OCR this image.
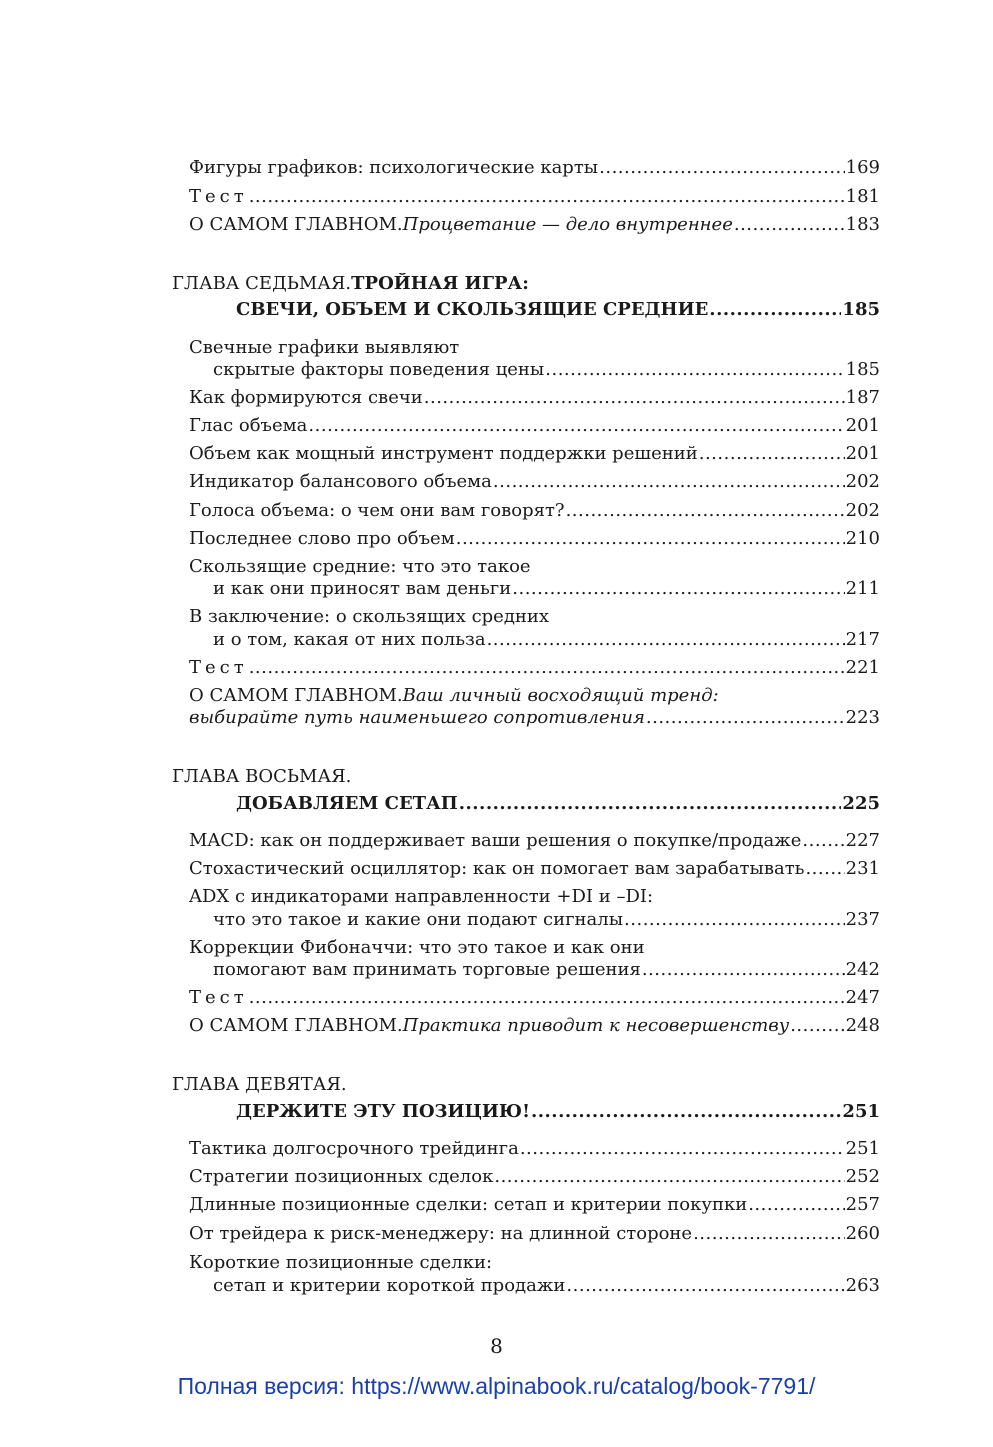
Фигуры графиков: психологические карты .....	169
Тест .....	181
О САМОМ ГЛАВНОМ. Процветание — дело внутреннее .....	183
ГЛАВА СЕДЬМАЯ. ТРОЙНАЯ ИГРА:
СВЕЧИ, ОБЪЕМ И СКОЛЬЗЯЩИЕ СРЕДНИЕ .....	185
Свечные графики выявляют
скрытые факторы поведения цены .....	185
Как формируются свечи .....	187
Глас объема .....	201
Объем как мощный инструмент поддержки решений .....	201
Индикатор балансового объема .....	202
Голоса объема: о чем они вам говорят? .....	202
Последнее слово про объем .....	210
Скользящие средние: что это такое
и как они приносят вам деньги .....	211
В заключение: о скользящих средних
и о том, какая от них польза .....	217
Тест .....	221
О САМОМ ГЛАВНОМ. Ваш личный восходящий тренд:
выбирайте путь наименьшего сопротивления .....	223
ГЛАВА ВОСЬМАЯ.
ДОБАВЛЯЕМ СЕТАП .....	225
MACD: как он поддерживает ваши решения о покупке/продаже ..... 227
Стохастический осциллятор: как он помогает вам зарабатывать ..... 231
ADX с индикаторами направленности +DI и –DI:
что это такое и какие они подают сигналы .....	237
Коррекции Фибоначчи: что это такое и как они
помогают вам принимать торговые решения .....	242
Тест .....	247
О САМОМ ГЛАВНОМ. Практика приводит к несовершенству .....	248
ГЛАВА ДЕВЯТАЯ.
ДЕРЖИТЕ ЭТУ ПОЗИЦИЮ! .....	251
Тактика долгосрочного трейдинга .....	251
Стратегии позиционных сделок .....	252
Длинные позиционные сделки: сетап и критерии покупки .....	257
От трейдера к риск-менеджеру: на длинной стороне .....	260
Короткие позиционные сделки:
сетап и критерии короткой продажи .....	263
8
Полная версия: https://www.alpinabook.ru/catalog/book-7791/
